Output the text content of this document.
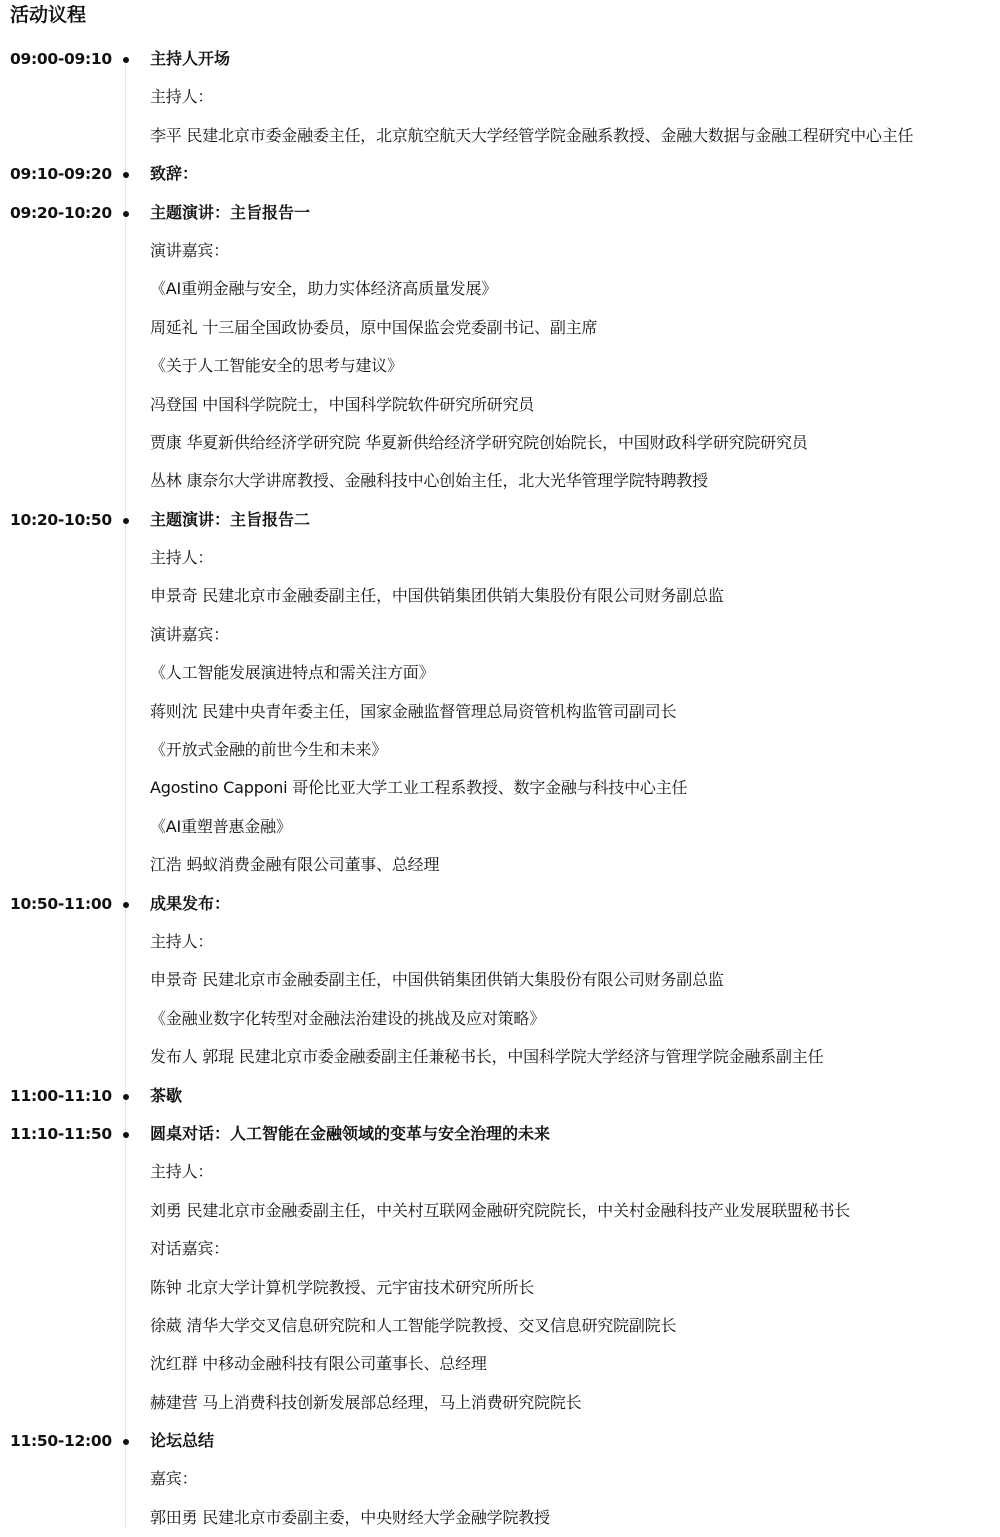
活动议程
09:00-09:10 主持人开场
主持人：
李平 民建北京市委金融委主任，北京航空航天大学经管学院金融系教授、金融大数据与金融工程研究中心主任
09:10-09:20 致辞：
09:20-10:20 主题演讲：主旨报告一
演讲嘉宾：
《AI重朔金融与安全，助力实体经济高质量发展》
周延礼 十三届全国政协委员，原中国保监会党委副书记、副主席
《关于人工智能安全的思考与建议》
冯登国 中国科学院院士，中国科学院软件研究所研究员
贾康 华夏新供给经济学研究院 华夏新供给经济学研究院创始院长，中国财政科学研究院研究员
丛林 康奈尔大学讲席教授、金融科技中心创始主任，北大光华管理学院特聘教授
10:20-10:50 主题演讲：主旨报告二
主持人：
申景奇 民建北京市金融委副主任，中国供销集团供销大集股份有限公司财务副总监
演讲嘉宾：
《人工智能发展演进特点和需关注方面》
蒋则沈 民建中央青年委主任，国家金融监督管理总局资管机构监管司副司长
《开放式金融的前世今生和未来》
Agostino Capponi 哥伦比亚大学工业工程系教授、数字金融与科技中心主任
《AI重塑普惠金融》
江浩 蚂蚁消费金融有限公司董事、总经理
10:50-11:00 成果发布：
主持人：
申景奇 民建北京市金融委副主任，中国供销集团供销大集股份有限公司财务副总监
《金融业数字化转型对金融法治建设的挑战及应对策略》
发布人 郭琨 民建北京市委金融委副主任兼秘书长，中国科学院大学经济与管理学院金融系副主任
11:00-11:10 茶歇
11:10-11:50 圆桌对话：人工智能在金融领域的变革与安全治理的未来
主持人：
刘勇 民建北京市金融委副主任，中关村互联网金融研究院院长，中关村金融科技产业发展联盟秘书长
对话嘉宾：
陈钟 北京大学计算机学院教授、元宇宙技术研究所所长
徐葳 清华大学交叉信息研究院和人工智能学院教授、交叉信息研究院副院长
沈红群 中移动金融科技有限公司董事长、总经理
赫建营 马上消费科技创新发展部总经理，马上消费研究院院长
11:50-12:00 论坛总结
嘉宾：
郭田勇 民建北京市委副主委，中央财经大学金融学院教授
